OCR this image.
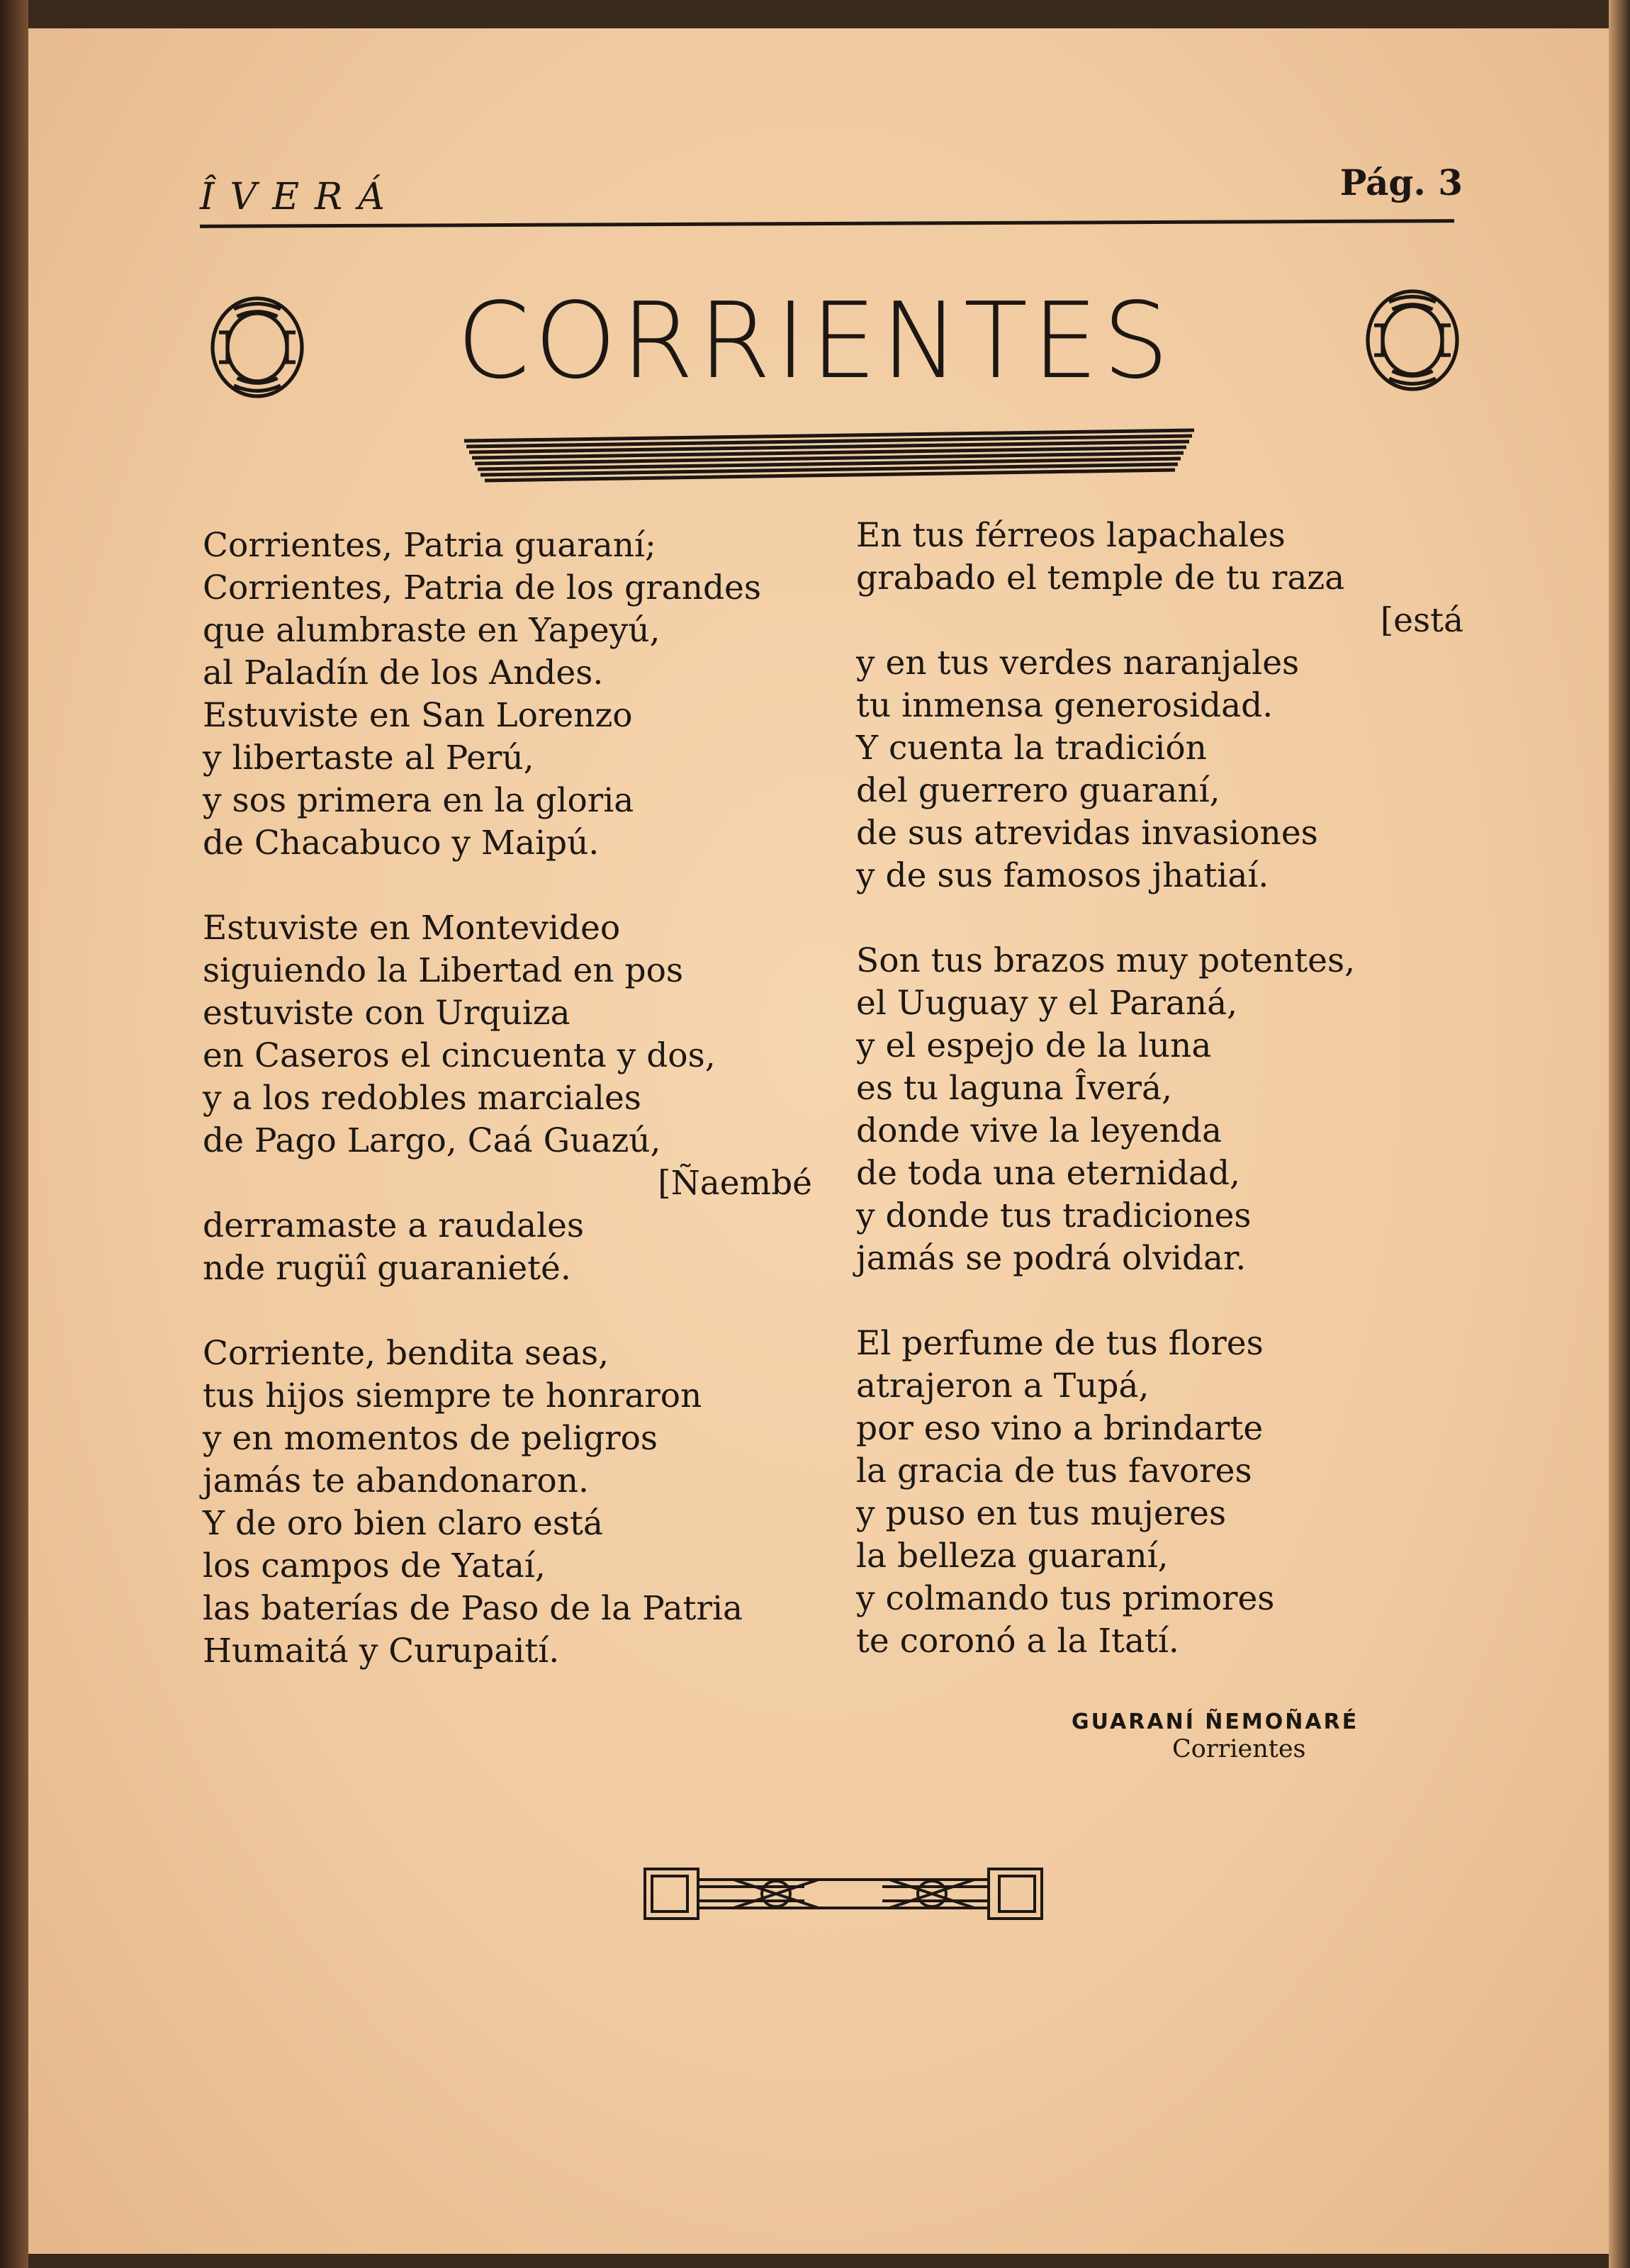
ÎVERÁ	Pág. 3
CORRIENTES
Corrientes, Patria guaraní;
Corrientes, Patria de los grandes
que alumbraste en Yapeyú,
al Paladín de los Andes.
Estuviste en San Lorenzo
y libertaste al Perú,
y sos primera en la gloria
de Chacabuco y Maipú.
Estuviste en Montevideo
siguiendo la Libertad en pos
estuviste con Urquiza
en Caseros el cincuenta y dos,
y a los redobles marciales
de Pago Largo, Caá Guazú,
[Ñaembé
derramaste a raudales
nde rugüî guaranieté.
Corriente, bendita seas,
tus hijos siempre te honraron
y en momentos de peligros
jamás te abandonaron.
Y de oro bien claro está
los campos de Yataí,
las baterías de Paso de la Patria
Humaitá y Curupaití.
En tus férreos lapachales
grabado el temple de tu raza
[está
y en tus verdes naranjales
tu inmensa generosidad.
Y cuenta la tradición
del guerrero guaraní,
de sus atrevidas invasiones
y de sus famosos jhatiaí.
Son tus brazos muy potentes,
el Uuguay y el Paraná,
y el espejo de la luna
es tu laguna Îverá,
donde vive la leyenda
de toda una eternidad,
y donde tus tradiciones
jamás se podrá olvidar.
El perfume de tus flores
atrajeron a Tupá,
por eso vino a brindarte
la gracia de tus favores
y puso en tus mujeres
la belleza guaraní,
y colmando tus primores
te coronó a la Itatí.
GUARANÍ ÑEMOÑARÉ
Corrientes
